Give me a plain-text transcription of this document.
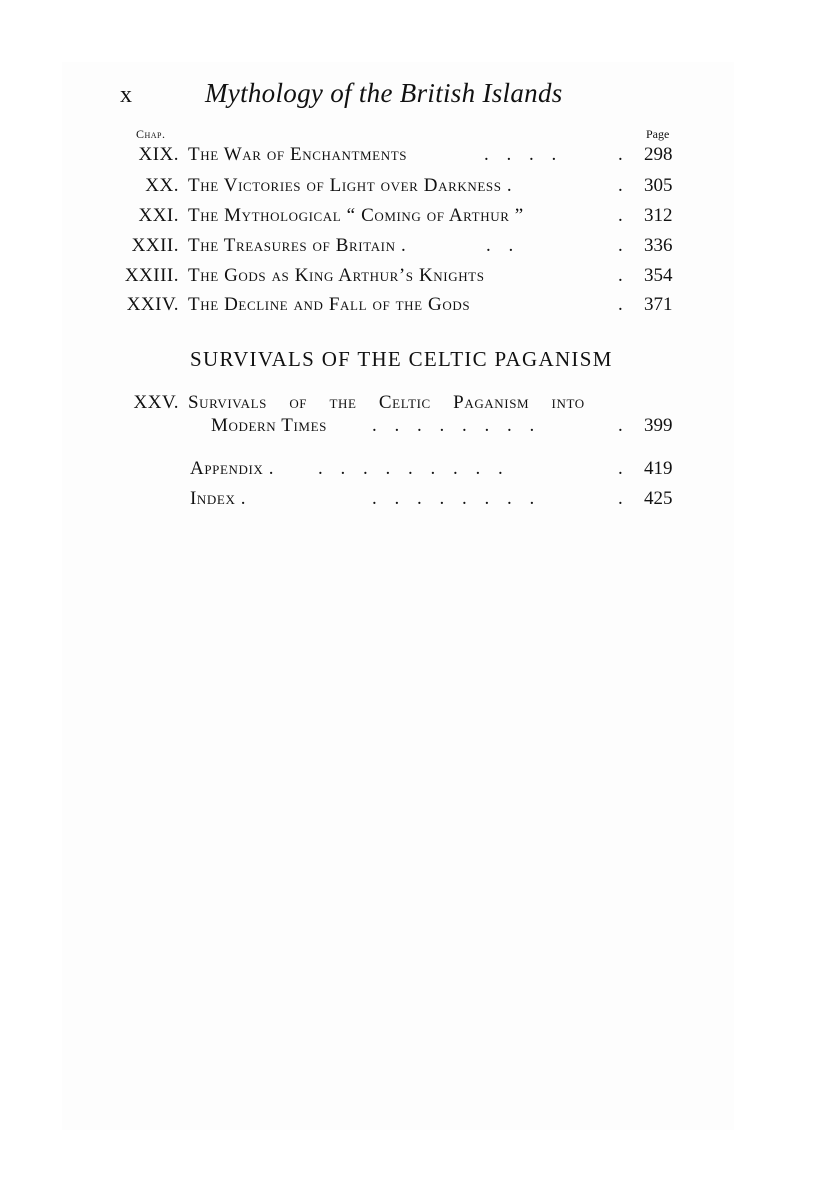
x	Mythology of the British Islands
Chap.	Page
XIX. The War of Enchantments	. . . .	. 298
XX. The Victories of Light over Darkness .	. 305
XXI. The Mythological “ Coming of Arthur ”	. 312
XXII. The Treasures of Britain .	. .	. 336
XXIII. The Gods as King Arthur’s Knights	. 354
XXIV. The Decline and Fall of the Gods	. 371
SURVIVALS OF THE CELTIC PAGANISM
XXV. Survivals of the Celtic Paganism into
Modern Times . . . . . . . .	. 399
Appendix . . . . . . . . . .	. 419
Index .	. . . . . . . .	. 425
